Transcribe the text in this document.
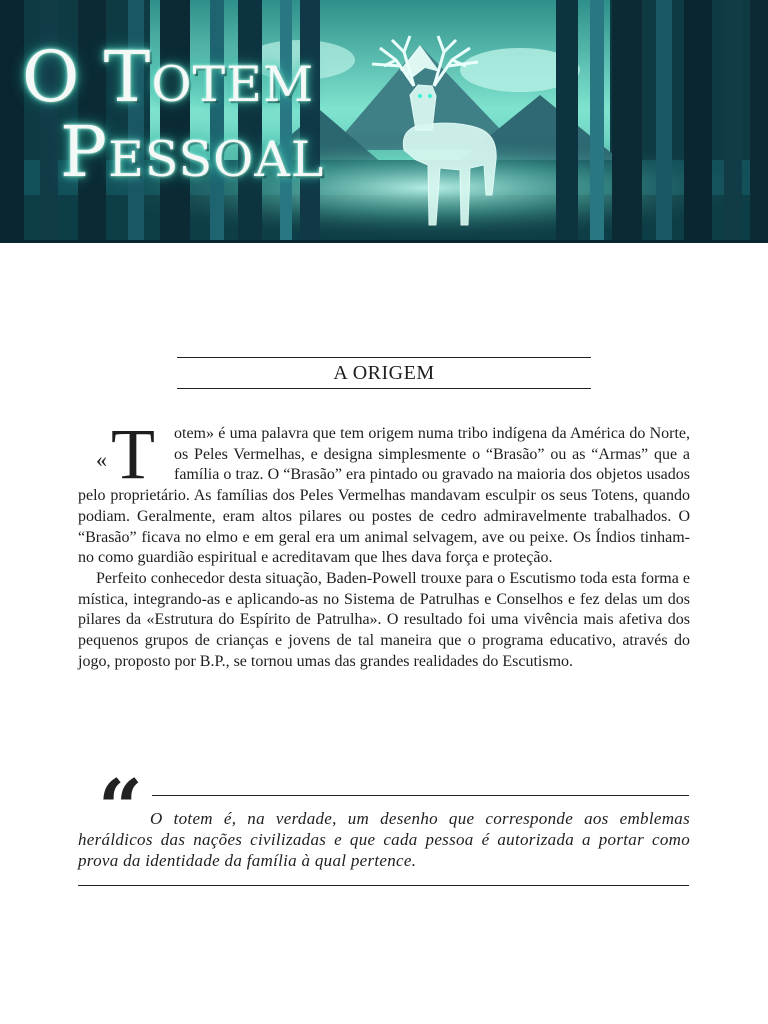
O Totem
Pessoal
A ORIGEM
« T	otem» é uma palavra que tem origem numa tribo indígena da América do Norte, os Peles Vermelhas, e designa simplesmente o “Brasão” ou as “Armas” que a família o traz. O “Brasão” era pintado ou gravado na maioria dos objetos usados pelo proprietário. As famílias dos Peles Vermelhas mandavam esculpir os seus Totens, quando podiam. Geralmente, eram altos pilares ou postes de cedro admiravelmente trabalhados. O “Brasão” ficava no elmo e em geral era um animal selvagem, ave ou peixe. Os Índios tinham-no como guardião espiritual e acreditavam que lhes dava força e proteção.

Perfeito conhecedor desta situação, Baden-Powell trouxe para o Escutismo toda esta forma e mística, integrando-as e aplicando-as no Sistema de Patrulhas e Conselhos e fez delas um dos pilares da «Estrutura do Espírito de Patrulha». O resultado foi uma vivência mais afetiva dos pequenos grupos de crianças e jovens de tal maneira que o programa educativo, através do jogo, proposto por B.P., se tornou umas das grandes realidades do Escutismo.

“ O totem é, na verdade, um desenho que corresponde aos emblemas heráldicos das nações civilizadas e que cada pessoa é autorizada a portar como prova da identidade da família à qual pertence.
